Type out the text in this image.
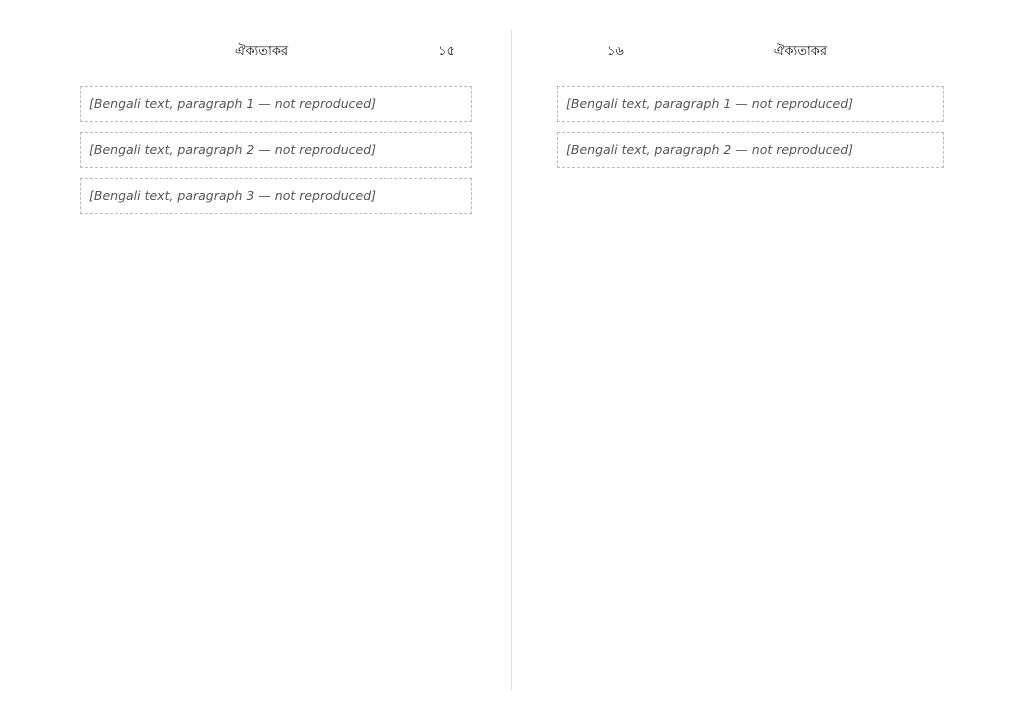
ঐক্যতাকর	১৫

[Bengali text, paragraph 1 — not reproduced]

[Bengali text, paragraph 2 — not reproduced]

[Bengali text, paragraph 3 — not reproduced]

১৬	ঐক্যতাকর

[Bengali text, paragraph 1 — not reproduced]

[Bengali text, paragraph 2 — not reproduced]
